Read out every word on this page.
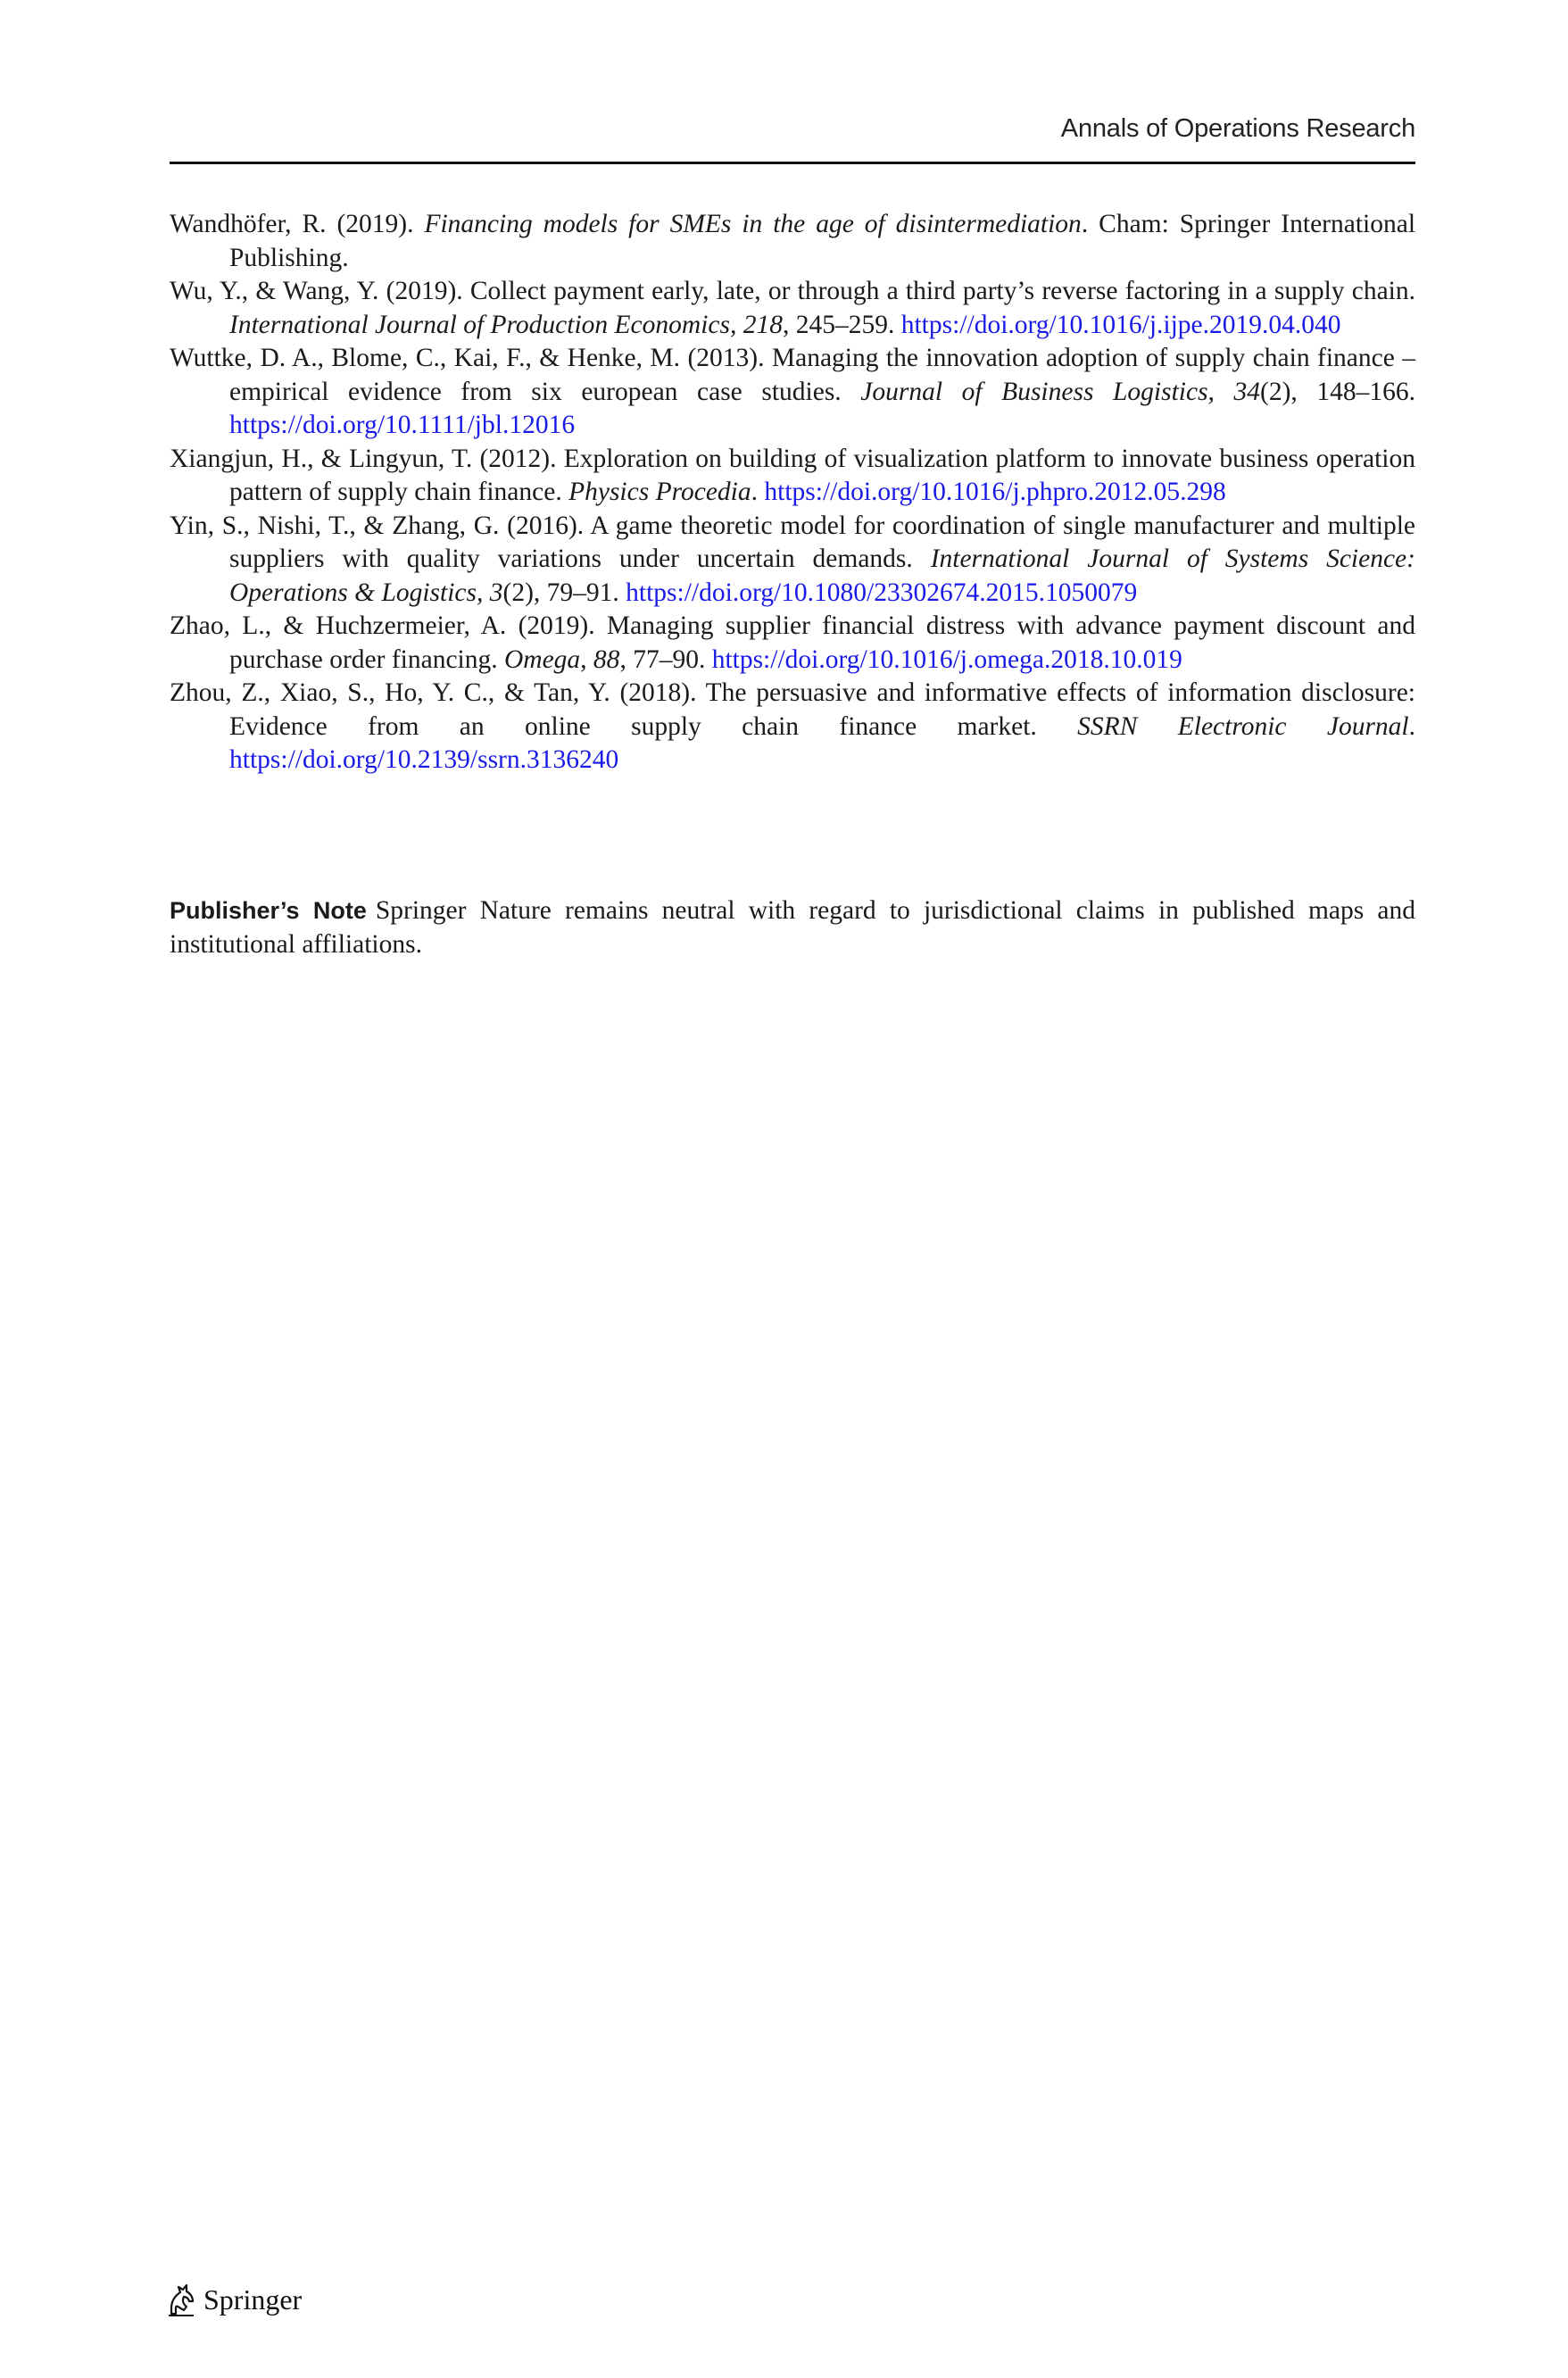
Annals of Operations Research
Wandhöfer, R. (2019). Financing models for SMEs in the age of disintermediation. Cham: Springer International Publishing.
Wu, Y., & Wang, Y. (2019). Collect payment early, late, or through a third party’s reverse factoring in a supply chain. International Journal of Production Economics, 218, 245–259. https://doi.org/10.1016/j.ijpe.2019.04.040
Wuttke, D. A., Blome, C., Kai, F., & Henke, M. (2013). Managing the innovation adoption of supply chain finance – empirical evidence from six european case studies. Journal of Business Logistics, 34(2), 148–166. https://doi.org/10.1111/jbl.12016
Xiangjun, H., & Lingyun, T. (2012). Exploration on building of visualization platform to innovate business operation pattern of supply chain finance. Physics Procedia. https://doi.org/10.1016/j.phpro.2012.05.298
Yin, S., Nishi, T., & Zhang, G. (2016). A game theoretic model for coordination of single manufacturer and multiple suppliers with quality variations under uncertain demands. International Journal of Systems Science: Operations & Logistics, 3(2), 79–91. https://doi.org/10.1080/23302674.2015.1050079
Zhao, L., & Huchzermeier, A. (2019). Managing supplier financial distress with advance payment discount and purchase order financing. Omega, 88, 77–90. https://doi.org/10.1016/j.omega.2018.10.019
Zhou, Z., Xiao, S., Ho, Y. C., & Tan, Y. (2018). The persuasive and informative effects of information disclosure: Evidence from an online supply chain finance market. SSRN Electronic Journal. https://doi.org/10.2139/ssrn.3136240

Publisher’s Note Springer Nature remains neutral with regard to jurisdictional claims in published maps and institutional affiliations.

Springer
